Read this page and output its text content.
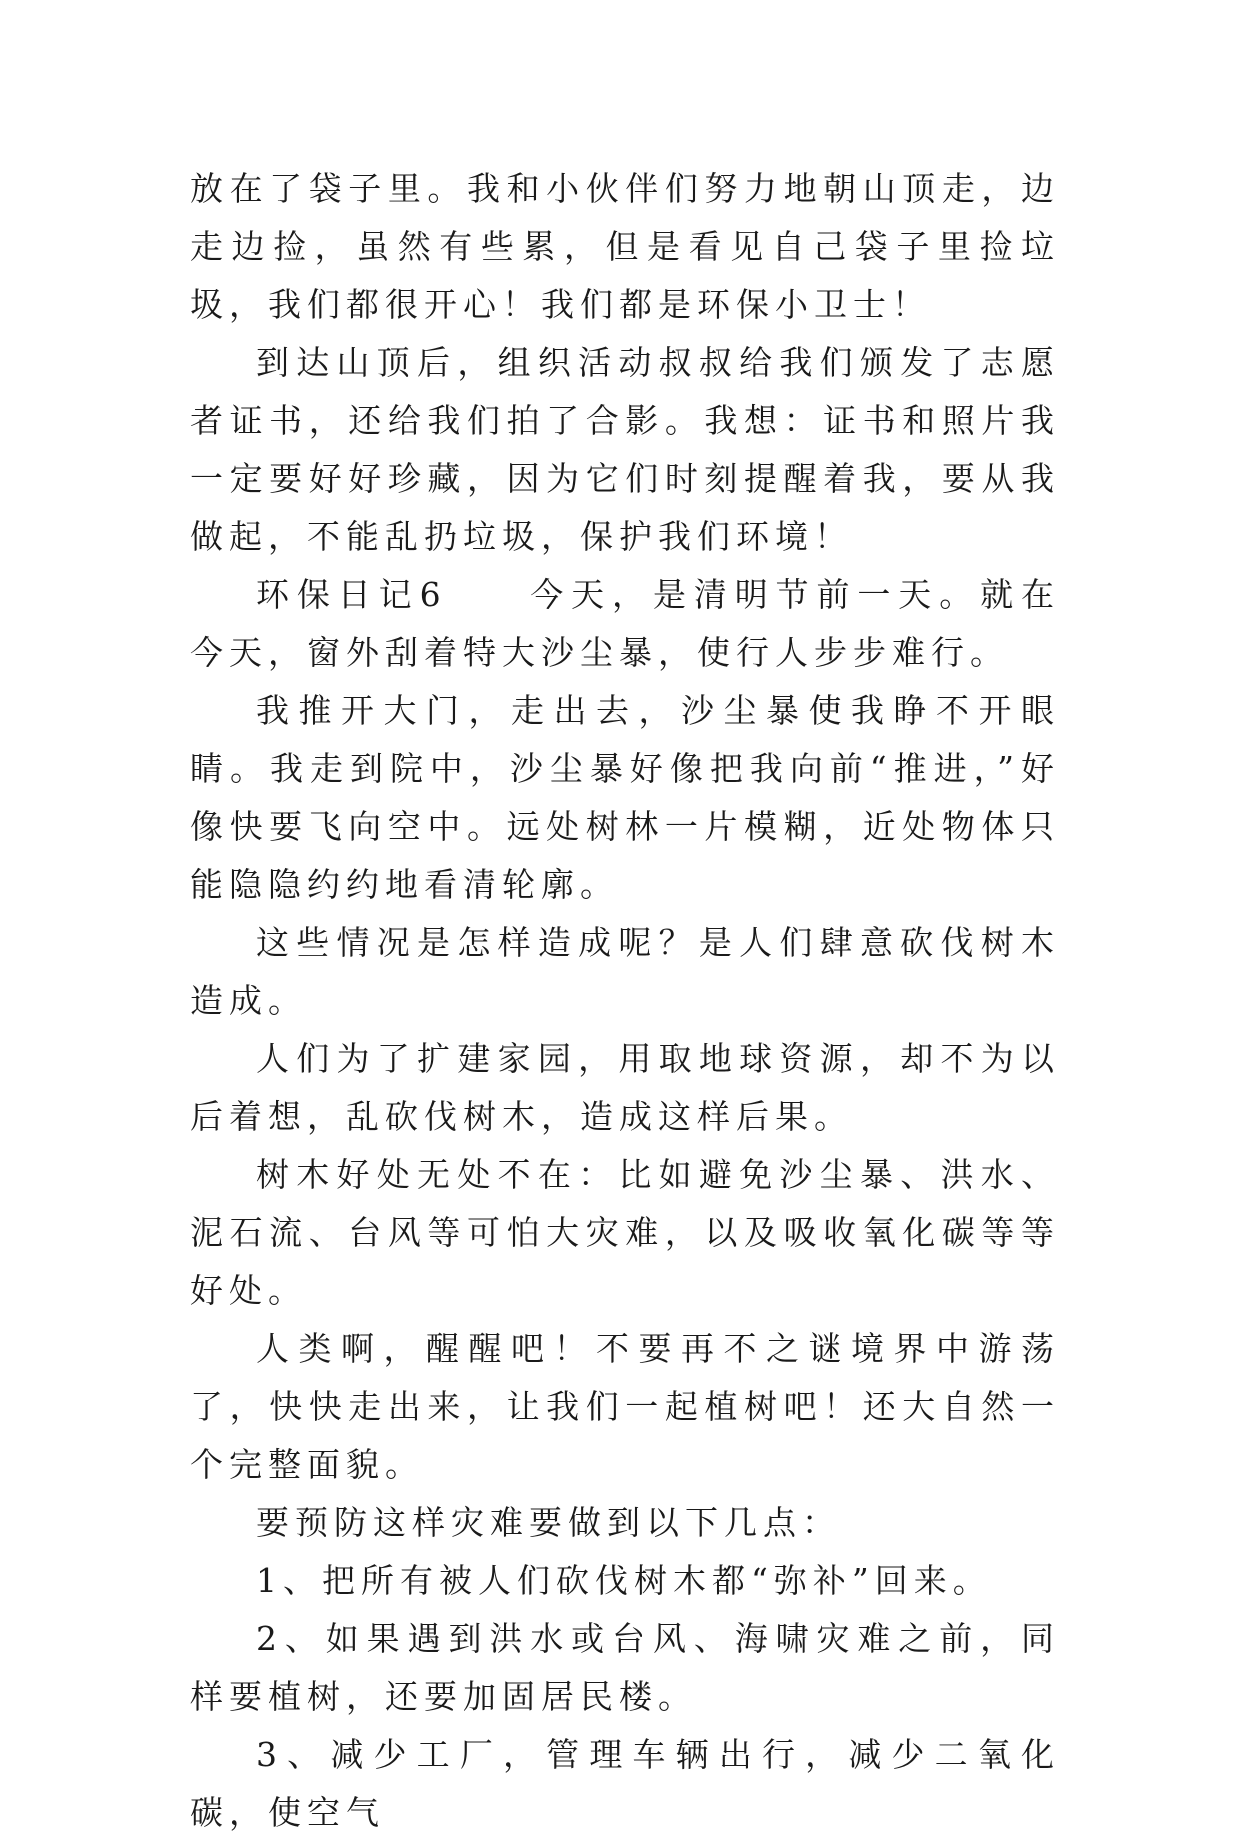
放在了袋子里。我和小伙伴们努力地朝山顶走，边走边捡，虽然有些累，但是看见自己袋子里捡垃圾，我们都很开心！我们都是环保小卫士！

到达山顶后，组织活动叔叔给我们颁发了志愿者证书，还给我们拍了合影。我想：证书和照片我一定要好好珍藏，因为它们时刻提醒着我，要从我做起，不能乱扔垃圾，保护我们环境！

环保日记6　　今天，是清明节前一天。就在今天，窗外刮着特大沙尘暴，使行人步步难行。

我推开大门，走出去，沙尘暴使我睁不开眼睛。我走到院中，沙尘暴好像把我向前“推进，”好像快要飞向空中。远处树林一片模糊，近处物体只能隐隐约约地看清轮廓。

这些情况是怎样造成呢？是人们肆意砍伐树木造成。

人们为了扩建家园，用取地球资源，却不为以后着想，乱砍伐树木，造成这样后果。

树木好处无处不在：比如避免沙尘暴、洪水、泥石流、台风等可怕大灾难，以及吸收氧化碳等等好处。

人类啊，醒醒吧！不要再不之谜境界中游荡了，快快走出来，让我们一起植树吧！还大自然一个完整面貌。

要预防这样灾难要做到以下几点：

1、把所有被人们砍伐树木都“弥补”回来。

2、如果遇到洪水或台风、海啸灾难之前，同样要植树，还要加固居民楼。

3、减少工厂，管理车辆出行，减少二氧化碳，使空气
